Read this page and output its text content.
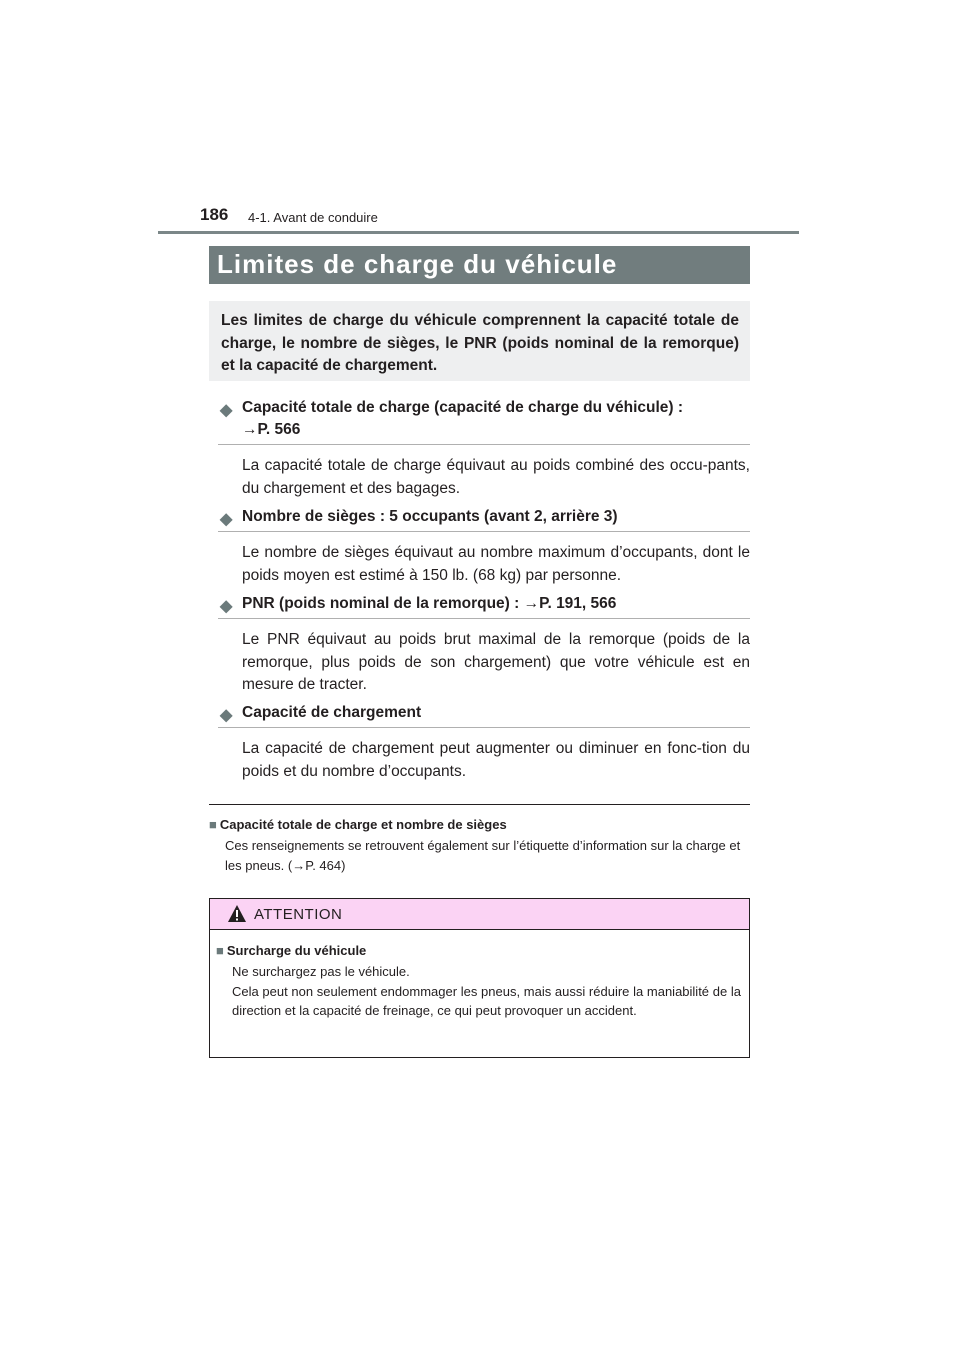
186 4-1. Avant de conduire
Limites de charge du véhicule
Les limites de charge du véhicule comprennent la capacité totale de charge, le nombre de sièges, le PNR (poids nominal de la remorque) et la capacité de chargement.
◆ Capacité totale de charge (capacité de charge du véhicule) :
→P. 566
La capacité totale de charge équivaut au poids combiné des occu-pants, du chargement et des bagages.
◆ Nombre de sièges : 5 occupants (avant 2, arrière 3)
Le nombre de sièges équivaut au nombre maximum d’occupants, dont le poids moyen est estimé à 150 lb. (68 kg) par personne.
◆ PNR (poids nominal de la remorque) : →P. 191, 566
Le PNR équivaut au poids brut maximal de la remorque (poids de la remorque, plus poids de son chargement) que votre véhicule est en mesure de tracter.
◆ Capacité de chargement
La capacité de chargement peut augmenter ou diminuer en fonc-tion du poids et du nombre d’occupants.
■ Capacité totale de charge et nombre de sièges
Ces renseignements se retrouvent également sur l’étiquette d’information sur la charge et les pneus. (→P. 464)
ATTENTION
■ Surcharge du véhicule
Ne surchargez pas le véhicule.
Cela peut non seulement endommager les pneus, mais aussi réduire la maniabilité de la direction et la capacité de freinage, ce qui peut provoquer un accident.
